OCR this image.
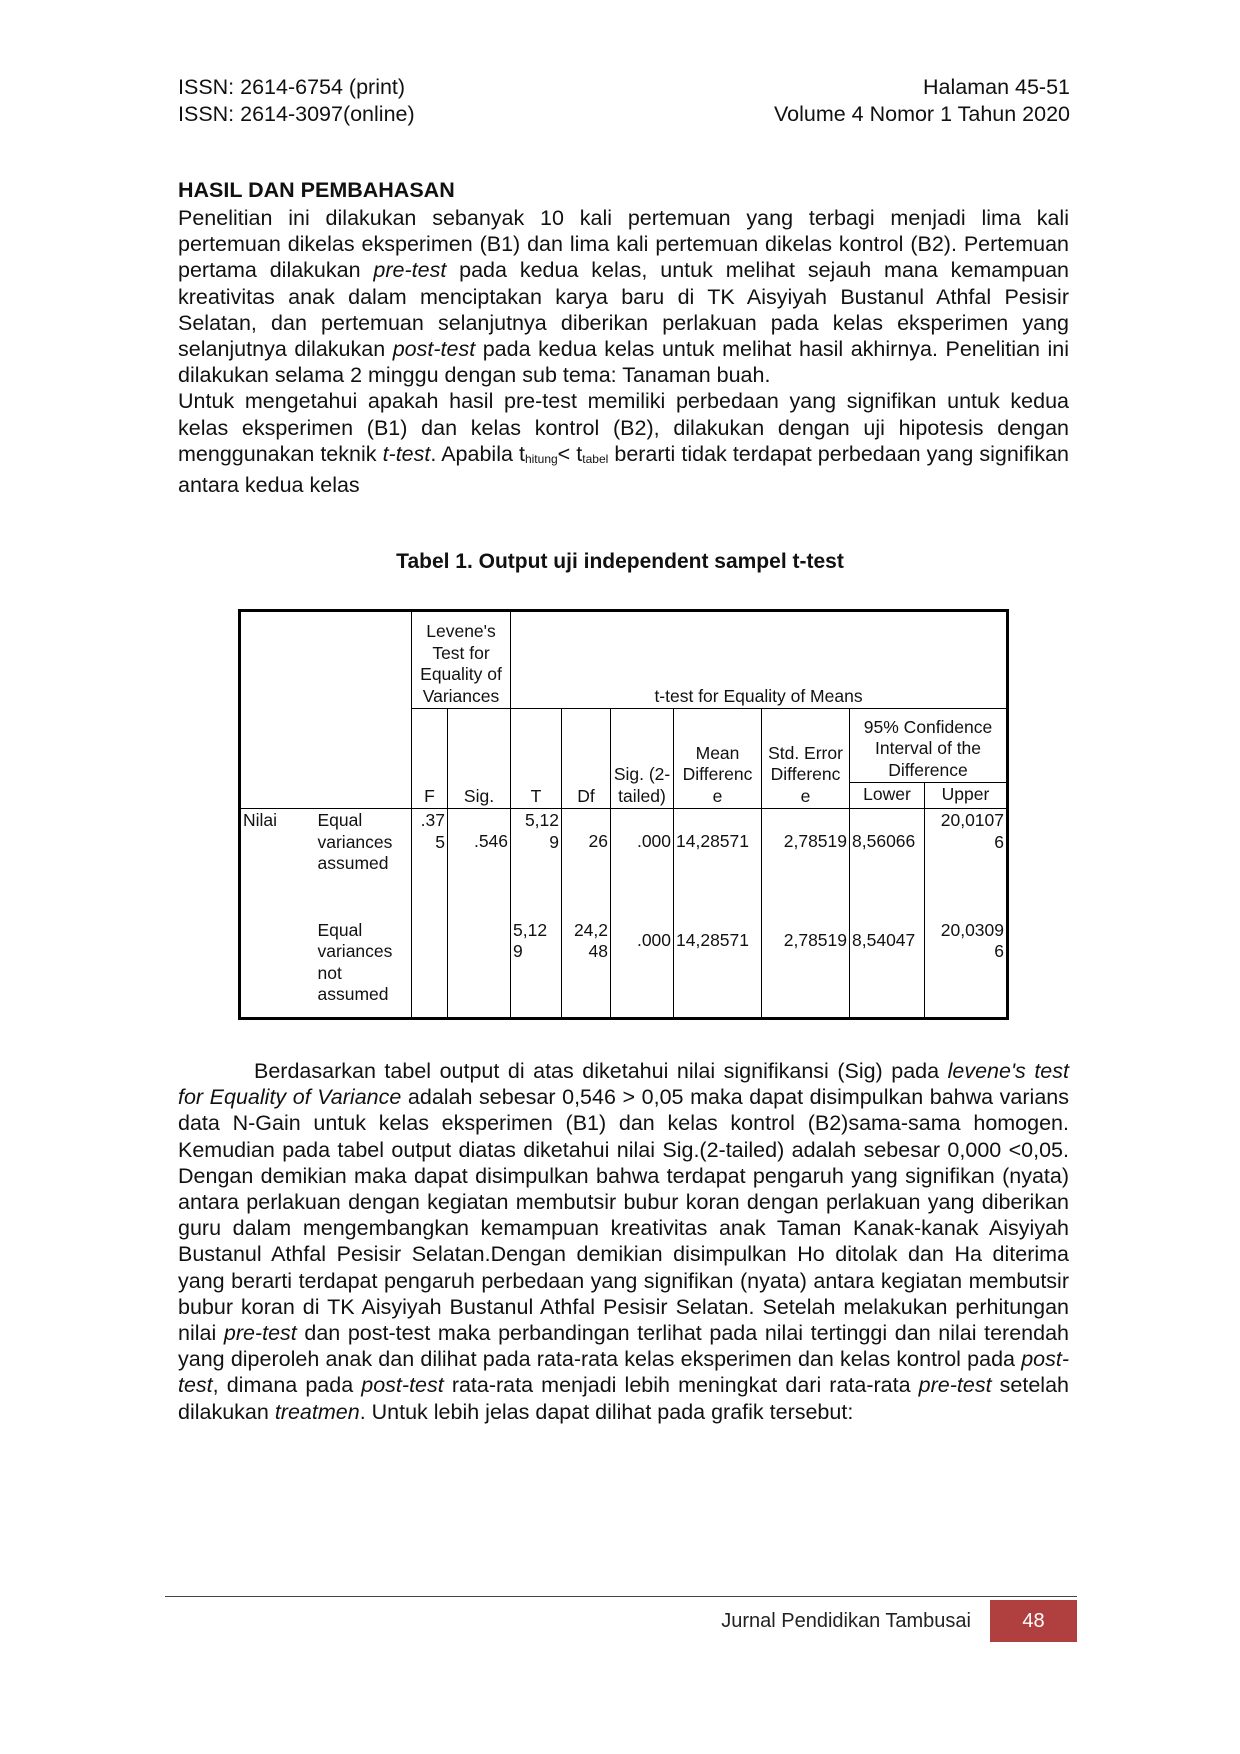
ISSN: 2614-6754 (print)
ISSN: 2614-3097(online)
Halaman 45-51
Volume 4 Nomor 1 Tahun 2020
HASIL DAN PEMBAHASAN

Penelitian ini dilakukan sebanyak 10 kali pertemuan yang terbagi menjadi lima kali pertemuan dikelas eksperimen (B1) dan lima kali pertemuan dikelas kontrol (B2). Pertemuan pertama dilakukan pre-test pada kedua kelas, untuk melihat sejauh mana kemampuan kreativitas anak dalam menciptakan karya baru di TK Aisyiyah Bustanul Athfal Pesisir Selatan, dan pertemuan selanjutnya diberikan perlakuan pada kelas eksperimen yang selanjutnya dilakukan post-test pada kedua kelas untuk melihat hasil akhirnya. Penelitian ini dilakukan selama 2 minggu dengan sub tema: Tanaman buah.

Untuk mengetahui apakah hasil pre-test memiliki perbedaan yang signifikan untuk kedua kelas eksperimen (B1) dan kelas kontrol (B2), dilakukan dengan uji hipotesis dengan menggunakan teknik t-test. Apabila thitung< ttabel berarti tidak terdapat perbedaan yang signifikan antara kedua kelas

Tabel 1. Output uji independent sampel t-test
		Levene's Test for Equality of Variances		t-test for Equality of Means						
		F	Sig.	T	Df	Sig. (2-tailed)	Mean Differenc e	Std. Error Differenc e	95% Confidence Interval of the Difference	
									Lower	Upper
Nilai	Equal variances assumed	.37 5	.546	5,12 9	26	.000	14,28571	2,78519	8,56066	20,0107 6
	Equal variances not assumed			5,12 9	24,2 48	.000	14,28571	2,78519	8,54047	20,0309 6

Berdasarkan tabel output di atas diketahui nilai signifikansi (Sig) pada levene's test for Equality of Variance adalah sebesar 0,546 > 0,05 maka dapat disimpulkan bahwa varians data N-Gain untuk kelas eksperimen (B1) dan kelas kontrol (B2)sama-sama homogen. Kemudian pada tabel output diatas diketahui nilai Sig.(2-tailed) adalah sebesar 0,000 <0,05. Dengan demikian maka dapat disimpulkan bahwa terdapat pengaruh yang signifikan (nyata) antara perlakuan dengan kegiatan membutsir bubur koran dengan perlakuan yang diberikan guru dalam mengembangkan kemampuan kreativitas anak Taman Kanak-kanak Aisyiyah Bustanul Athfal Pesisir Selatan.Dengan demikian disimpulkan Ho ditolak dan Ha diterima yang berarti terdapat pengaruh perbedaan yang signifikan (nyata) antara kegiatan membutsir bubur koran di TK Aisyiyah Bustanul Athfal Pesisir Selatan. Setelah melakukan perhitungan nilai pre-test dan post-test maka perbandingan terlihat pada nilai tertinggi dan nilai terendah yang diperoleh anak dan dilihat pada rata-rata kelas eksperimen dan kelas kontrol pada post-test, dimana pada post-test rata-rata menjadi lebih meningkat dari rata-rata pre-test setelah dilakukan treatmen. Untuk lebih jelas dapat dilihat pada grafik tersebut:

Jurnal Pendidikan Tambusai	48
